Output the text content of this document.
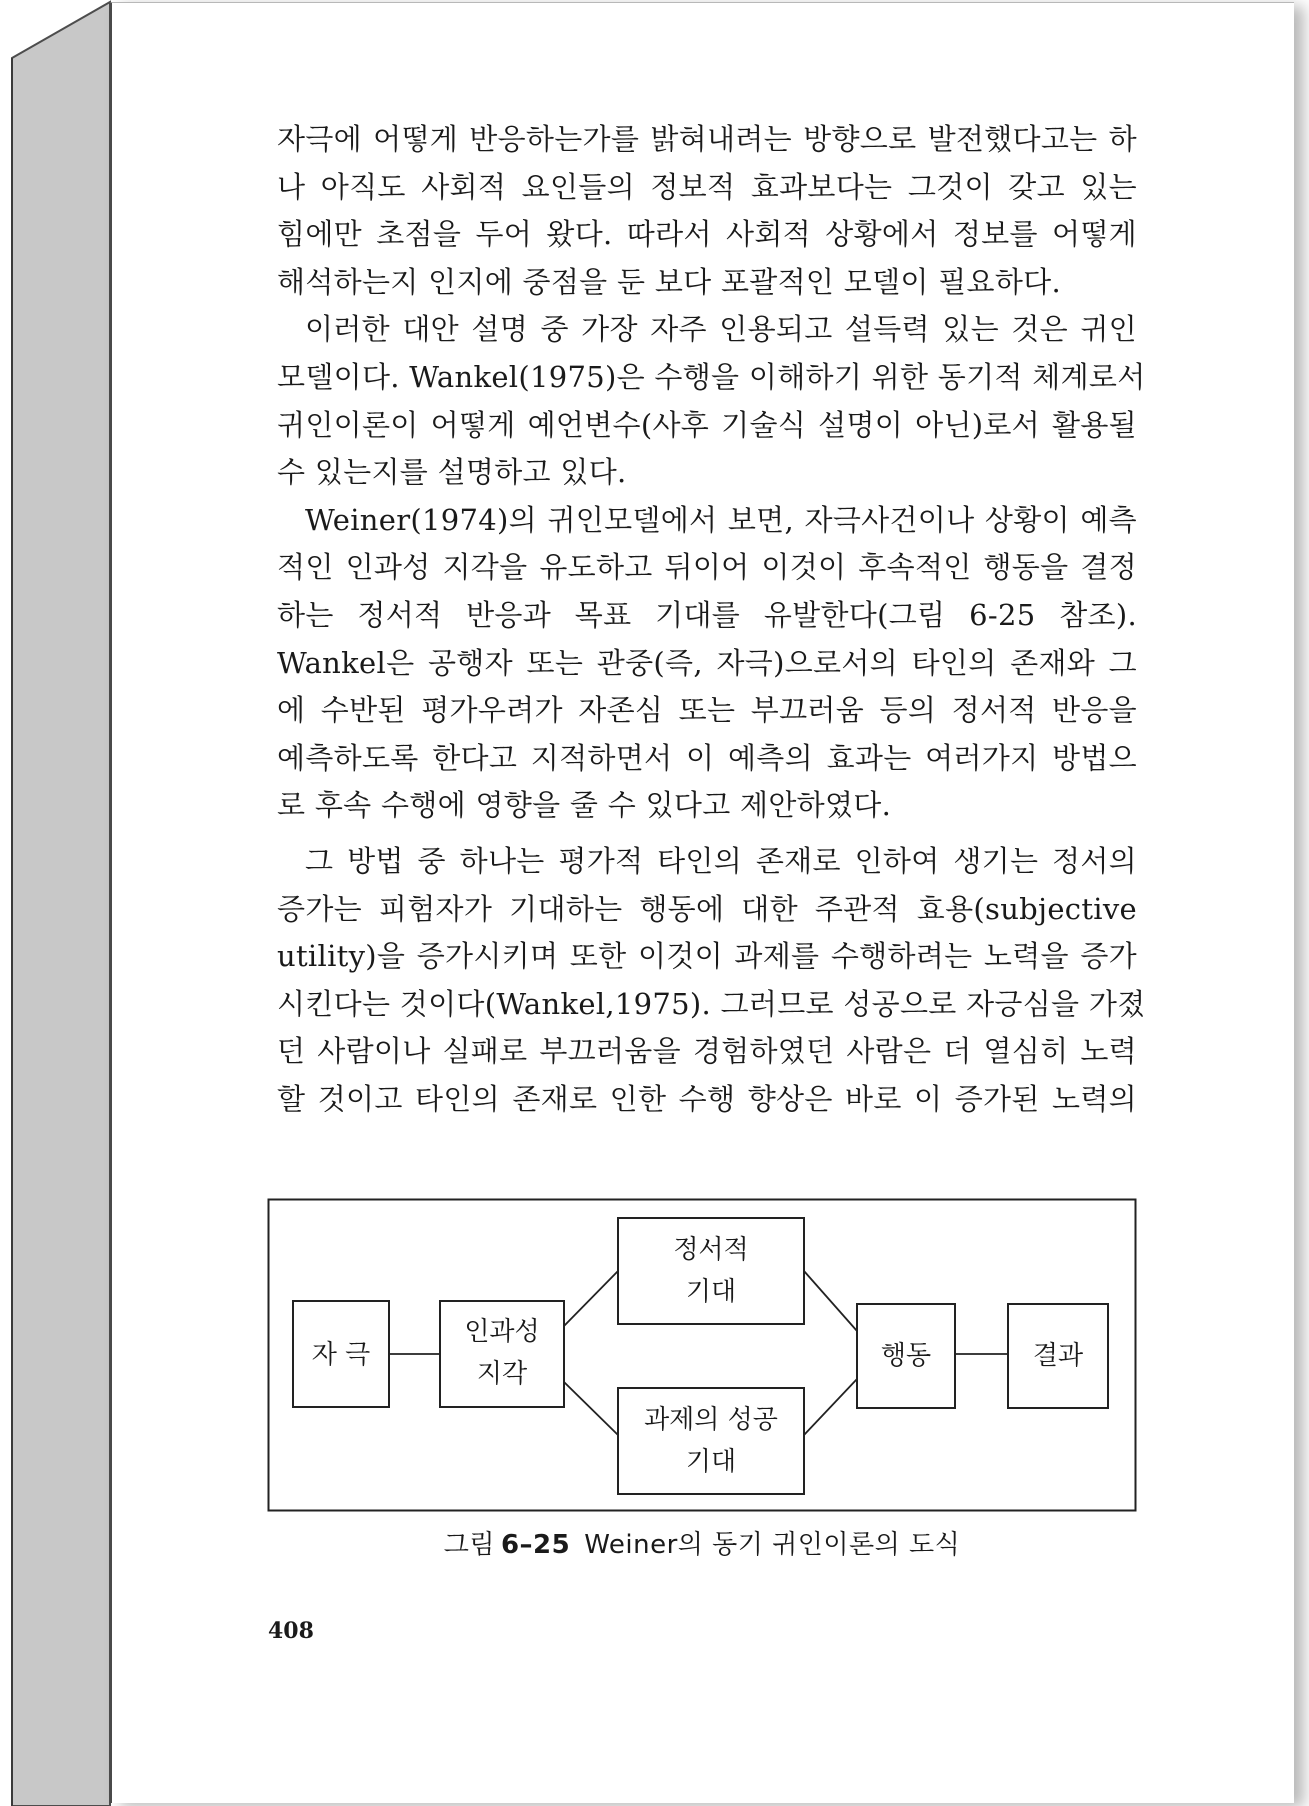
자극에 어떻게 반응하는가를 밝혀내려는 방향으로 발전했다고는 하
나 아직도 사회적 요인들의 정보적 효과보다는 그것이 갖고 있는
힘에만 초점을 두어 왔다. 따라서 사회적 상황에서 정보를 어떻게
해석하는지 인지에 중점을 둔 보다 포괄적인 모델이 필요하다.
이러한 대안 설명 중 가장 자주 인용되고 설득력 있는 것은 귀인
모델이다. Wankel(1975)은 수행을 이해하기 위한 동기적 체계로서
귀인이론이 어떻게 예언변수(사후 기술식 설명이 아닌)로서 활용될
수 있는지를 설명하고 있다.
Weiner(1974)의 귀인모델에서 보면, 자극사건이나 상황이 예측
적인 인과성 지각을 유도하고 뒤이어 이것이 후속적인 행동을 결정
하는 정서적 반응과 목표 기대를 유발한다(그림 6-25 참조).
Wankel은 공행자 또는 관중(즉, 자극)으로서의 타인의 존재와 그
에 수반된 평가우려가 자존심 또는 부끄러움 등의 정서적 반응을
예측하도록 한다고 지적하면서 이 예측의 효과는 여러가지 방법으
로 후속 수행에 영향을 줄 수 있다고 제안하였다.
그 방법 중 하나는 평가적 타인의 존재로 인하여 생기는 정서의
증가는 피험자가 기대하는 행동에 대한 주관적 효용(subjective
utility)을 증가시키며 또한 이것이 과제를 수행하려는 노력을 증가
시킨다는 것이다(Wankel,1975). 그러므로 성공으로 자긍심을 가졌
던 사람이나 실패로 부끄러움을 경험하였던 사람은 더 열심히 노력
할 것이고 타인의 존재로 인한 수행 향상은 바로 이 증가된 노력의
자 극
인과성
지각
정서적
기대
과제의 성공
기대
행동	결과
그림 6–25 Weiner의 동기 귀인이론의 도식
408
